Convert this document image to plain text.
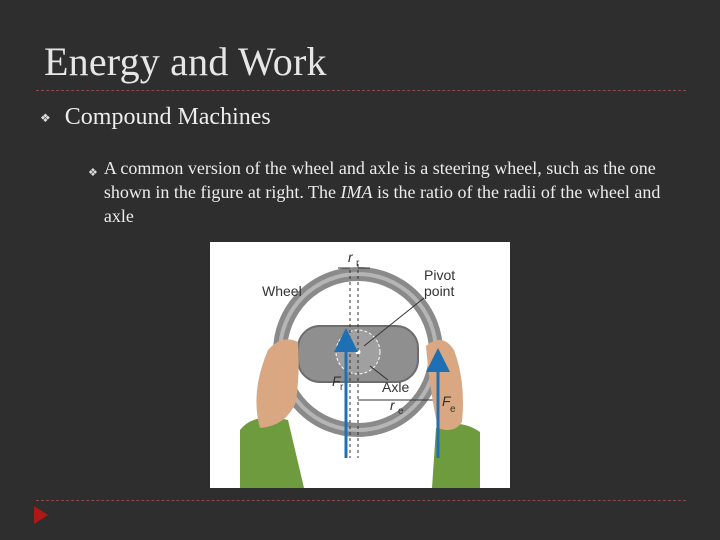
Energy and Work
❖ Compound Machines
❖ A common version of the wheel and axle is a steering wheel, such as the one shown in the figure at right. The IMA is the ratio of the radii of the wheel and axle
Wheel
Pivot
point
Axle
r r
F r
r e
F
e
